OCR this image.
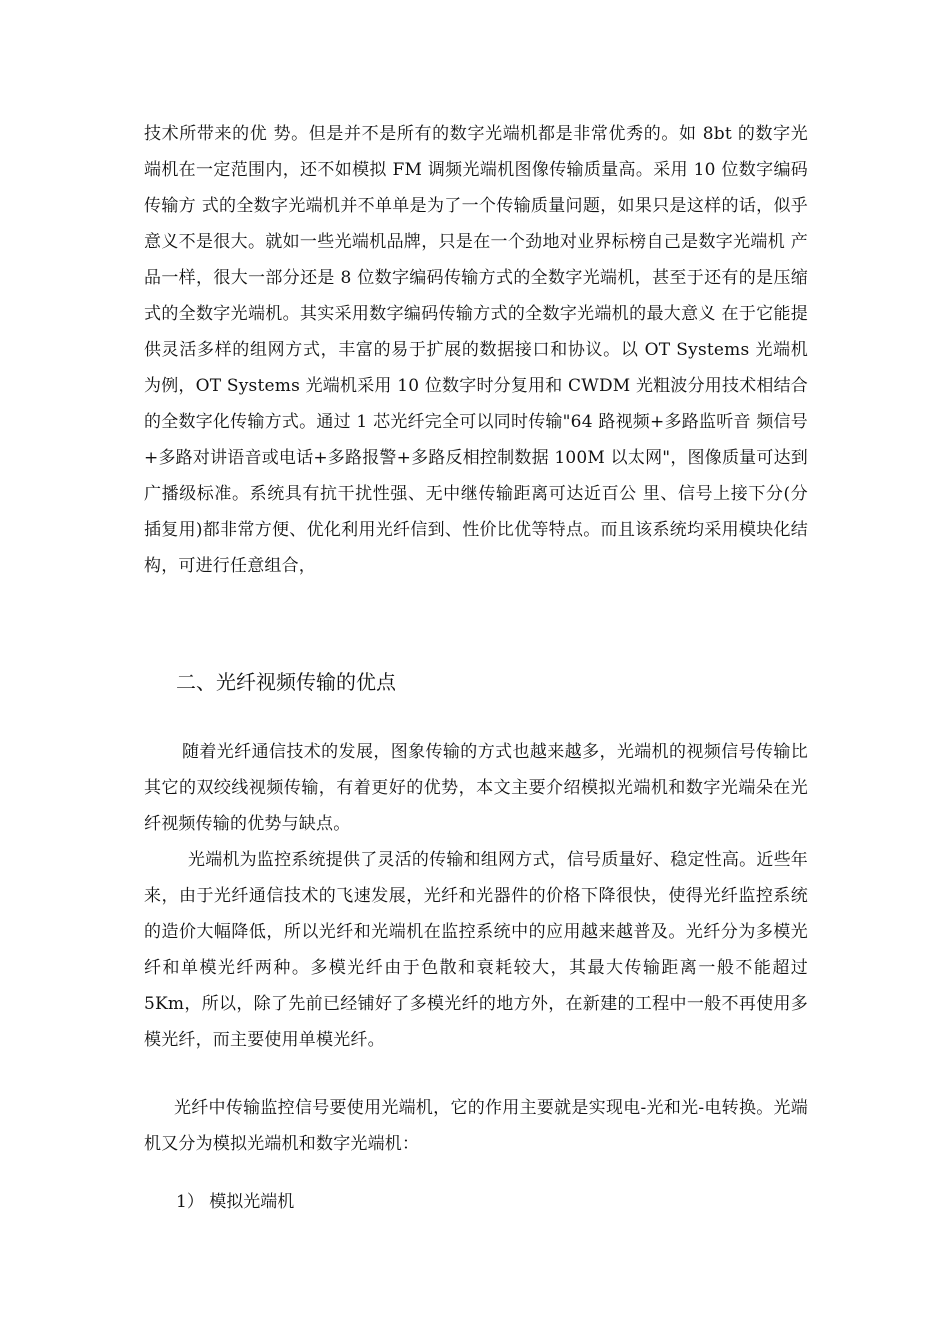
技术所带来的优 势。但是并不是所有的数字光端机都是非常优秀的。如 8bt 的数字光端机在一定范围内，还不如模拟 FM 调频光端机图像传输质量高。采用 10 位数字编码传输方 式的全数字光端机并不单单是为了一个传输质量问题，如果只是这样的话，似乎意义不是很大。就如一些光端机品牌，只是在一个劲地对业界标榜自己是数字光端机 产品一样，很大一部分还是 8 位数字编码传输方式的全数字光端机，甚至于还有的是压缩式的全数字光端机。其实采用数字编码传输方式的全数字光端机的最大意义 在于它能提供灵活多样的组网方式，丰富的易于扩展的数据接口和协议。以 OT Systems 光端机为例，OT Systems 光端机采用 10 位数字时分复用和 CWDM 光粗波分用技术相结合的全数字化传输方式。通过 1 芯光纤完全可以同时传输"64 路视频+多路监听音 频信号+多路对讲语音或电话+多路报警+多路反相控制数据 100M 以太网"，图像质量可达到广播级标准。系统具有抗干扰性强、无中继传输距离可达近百公 里、信号上接下分(分插复用)都非常方便、优化利用光纤信到、性价比优等特点。而且该系统均采用模块化结构，可进行任意组合，

二、光纤视频传输的优点

随着光纤通信技术的发展，图象传输的方式也越来越多，光端机的视频信号传输比其它的双绞线视频传输，有着更好的优势，本文主要介绍模拟光端机和数字光端朵在光纤视频传输的优势与缺点。

光端机为监控系统提供了灵活的传输和组网方式，信号质量好、稳定性高。近些年来，由于光纤通信技术的飞速发展，光纤和光器件的价格下降很快，使得光纤监控系统的造价大幅降低，所以光纤和光端机在监控系统中的应用越来越普及。光纤分为多模光纤和单模光纤两种。多模光纤由于色散和衰耗较大，其最大传输距离一般不能超过 5Km，所以，除了先前已经铺好了多模光纤的地方外，在新建的工程中一般不再使用多模光纤，而主要使用单模光纤。

光纤中传输监控信号要使用光端机，它的作用主要就是实现电-光和光-电转换。光端机又分为模拟光端机和数字光端机：

1） 模拟光端机
